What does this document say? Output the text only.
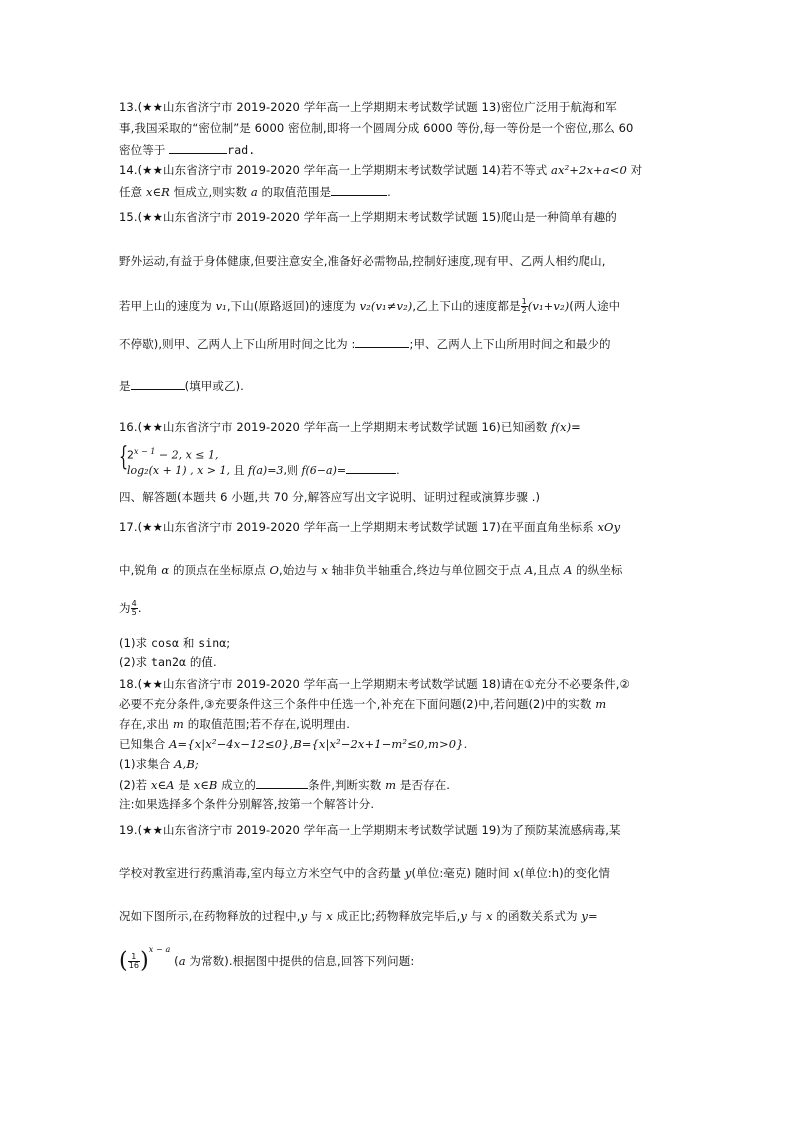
13.(★★山东省济宁市 2019-2020 学年高一上学期期末考试数学试题 13)密位广泛用于航海和军
事,我国采取的“密位制”是 6000 密位制,即将一个圆周分成 6000 等份,每一等份是一个密位,那么 60
密位等于	rad.
14.(★★山东省济宁市 2019-2020 学年高一上学期期末考试数学试题 14)若不等式 ax²+2x+a<0 对
任意 x∈R 恒成立,则实数 a 的取值范围是	.
15.(★★山东省济宁市 2019-2020 学年高一上学期期末考试数学试题 15)爬山是一种简单有趣的
野外运动,有益于身体健康,但要注意安全,准备好必需物品,控制好速度,现有甲、乙两人相约爬山,
若甲上山的速度为 v₁,下山(原路返回)的速度为 v₂(v₁≠v₂),乙上下山的速度都是 $\frac{1}{2} (v_1+v_2)$(两人途中
不停歇),则甲、乙两人上下山所用时间之比为 :	;甲、乙两人上下山所用时间之和最少的
是	(填甲或乙).
16.(★★山东省济宁市 2019-2020 学年高一上学期期末考试数学试题 16)已知函数 f(x)=
{
$2^{x - 1} - 2$, x ≤ 1,
log₂(x + 1) , x > 1, 且 f(a)=3,则 f(6−a)=	.
四、解答题(本题共 6 小题,共 70 分,解答应写出文字说明、证明过程或演算步骤 .)
17.(★★山东省济宁市 2019-2020 学年高一上学期期末考试数学试题 17)在平面直角坐标系 xOy
中,锐角 α 的顶点在坐标原点 O,始边与 x 轴非负半轴重合,终边与单位圆交于点 A,且点 A 的纵坐标
为 $\frac{4}{5}$ .
(1)求 cosα 和 sinα;
(2)求 tan2α 的值.
18.(★★山东省济宁市 2019-2020 学年高一上学期期末考试数学试题 18)请在①充分不必要条件,②
必要不充分条件,③充要条件这三个条件中任选一个,补充在下面问题(2)中,若问题(2)中的实数 m
存在,求出 m 的取值范围;若不存在,说明理由.
已知集合 A={x|x²−4x−12≤0},B={x|x²−2x+1−m²≤0,m>0}.
(1)求集合 A,B;
(2)若 x∈A 是 x∈B 成立的	条件,判断实数 m 是否存在.
注:如果选择多个条件分别解答,按第一个解答计分.
19.(★★山东省济宁市 2019-2020 学年高一上学期期末考试数学试题 19)为了预防某流感病毒,某
学校对教室进行药熏消毒,室内每立方米空气中的含药量 y(单位:毫克) 随时间 x(单位:h)的变化情
况如下图所示,在药物释放的过程中,y 与 x 成正比;药物释放完毕后,y 与 x 的函数关系式为 y=
( $\frac{1}{16} )^{x - a}$ (a 为常数).根据图中提供的信息,回答下列问题:
